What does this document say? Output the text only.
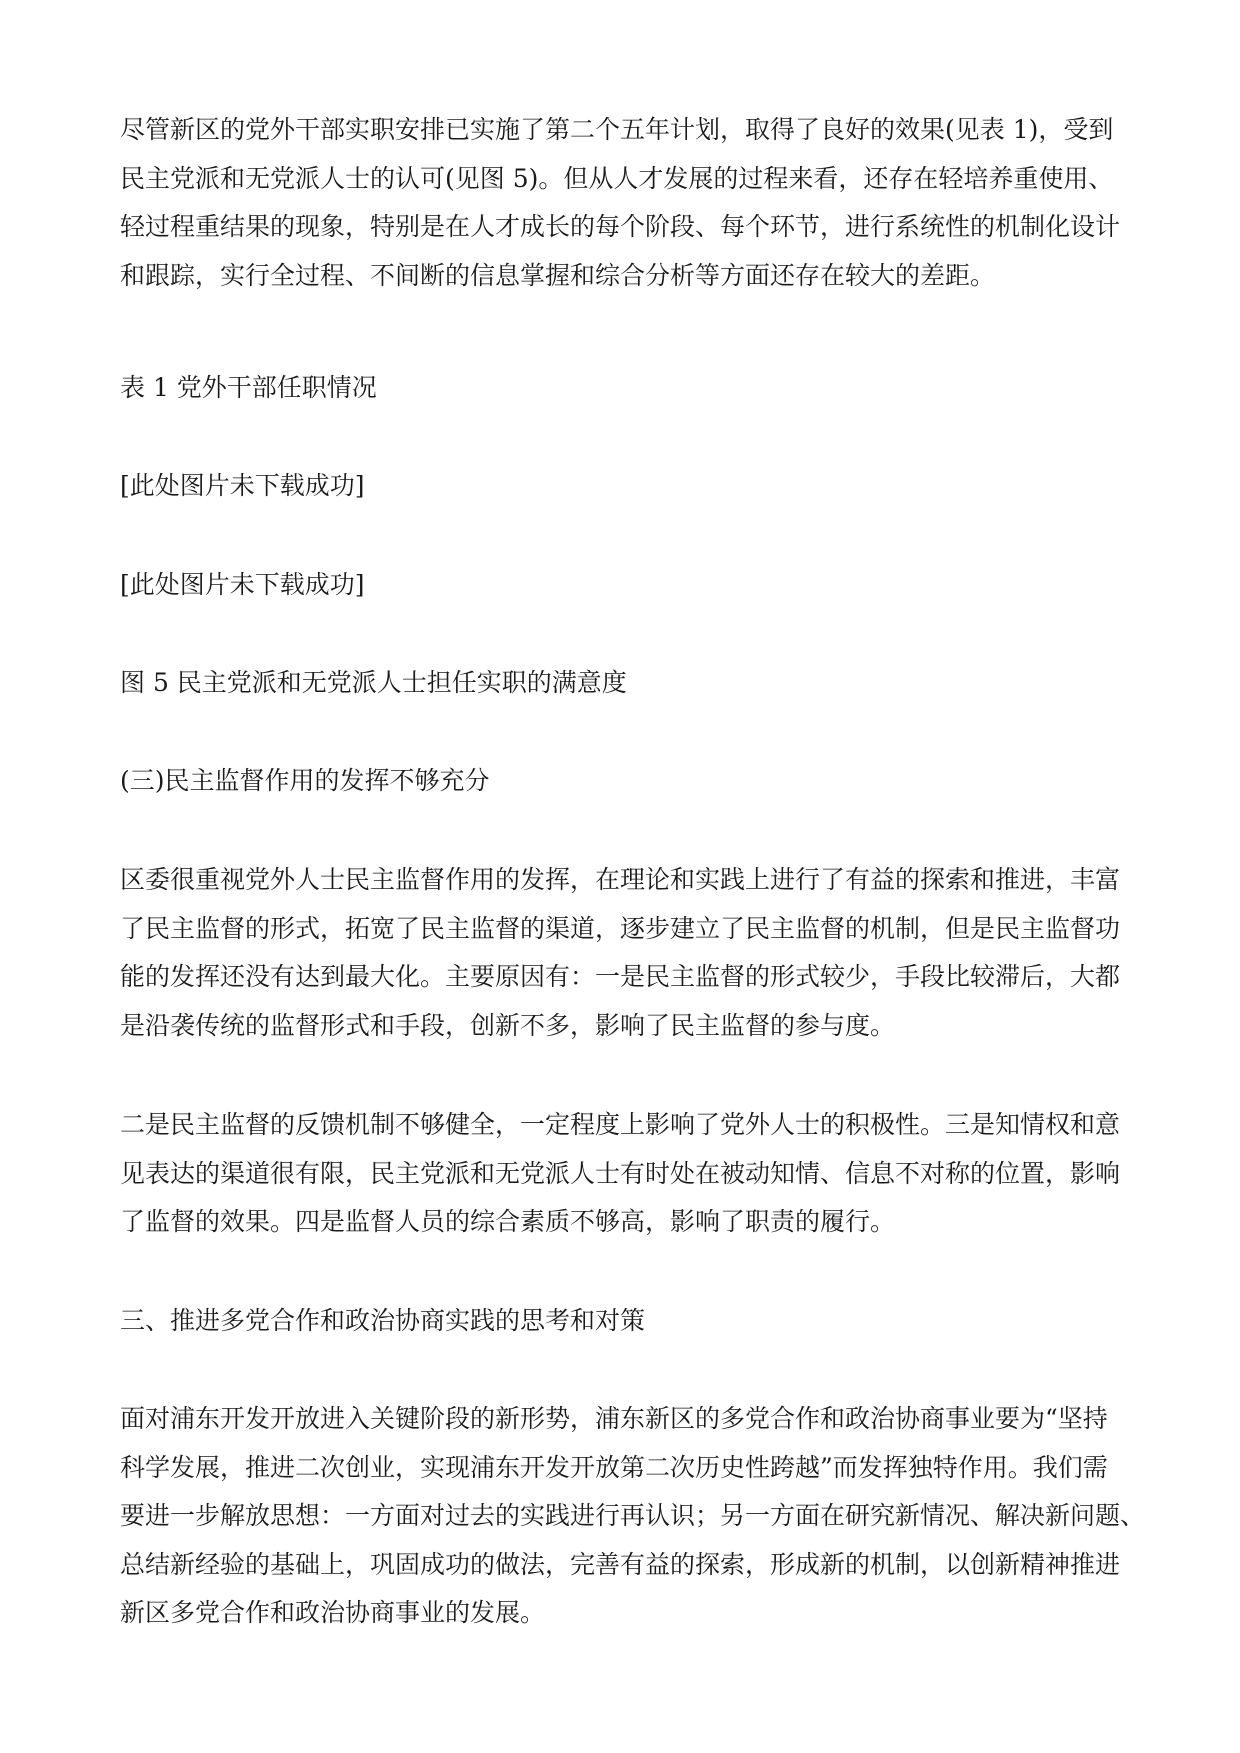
尽管新区的党外干部实职安排已实施了第二个五年计划，取得了良好的效果(见表 1)，受到
民主党派和无党派人士的认可(见图 5)。但从人才发展的过程来看，还存在轻培养重使用、
轻过程重结果的现象，特别是在人才成长的每个阶段、每个环节，进行系统性的机制化设计
和跟踪，实行全过程、不间断的信息掌握和综合分析等方面还存在较大的差距。
表 1 党外干部任职情况
[此处图片未下载成功]
[此处图片未下载成功]
图 5 民主党派和无党派人士担任实职的满意度
(三)民主监督作用的发挥不够充分
区委很重视党外人士民主监督作用的发挥，在理论和实践上进行了有益的探索和推进，丰富
了民主监督的形式，拓宽了民主监督的渠道，逐步建立了民主监督的机制，但是民主监督功
能的发挥还没有达到最大化。主要原因有：一是民主监督的形式较少，手段比较滞后，大都
是沿袭传统的监督形式和手段，创新不多，影响了民主监督的参与度。
二是民主监督的反馈机制不够健全，一定程度上影响了党外人士的积极性。三是知情权和意
见表达的渠道很有限，民主党派和无党派人士有时处在被动知情、信息不对称的位置，影响
了监督的效果。四是监督人员的综合素质不够高，影响了职责的履行。
三、推进多党合作和政治协商实践的思考和对策
面对浦东开发开放进入关键阶段的新形势，浦东新区的多党合作和政治协商事业要为“坚持
科学发展，推进二次创业，实现浦东开发开放第二次历史性跨越”而发挥独特作用。我们需
要进一步解放思想：一方面对过去的实践进行再认识；另一方面在研究新情况、解决新问题、
总结新经验的基础上，巩固成功的做法，完善有益的探索，形成新的机制，以创新精神推进
新区多党合作和政治协商事业的发展。
